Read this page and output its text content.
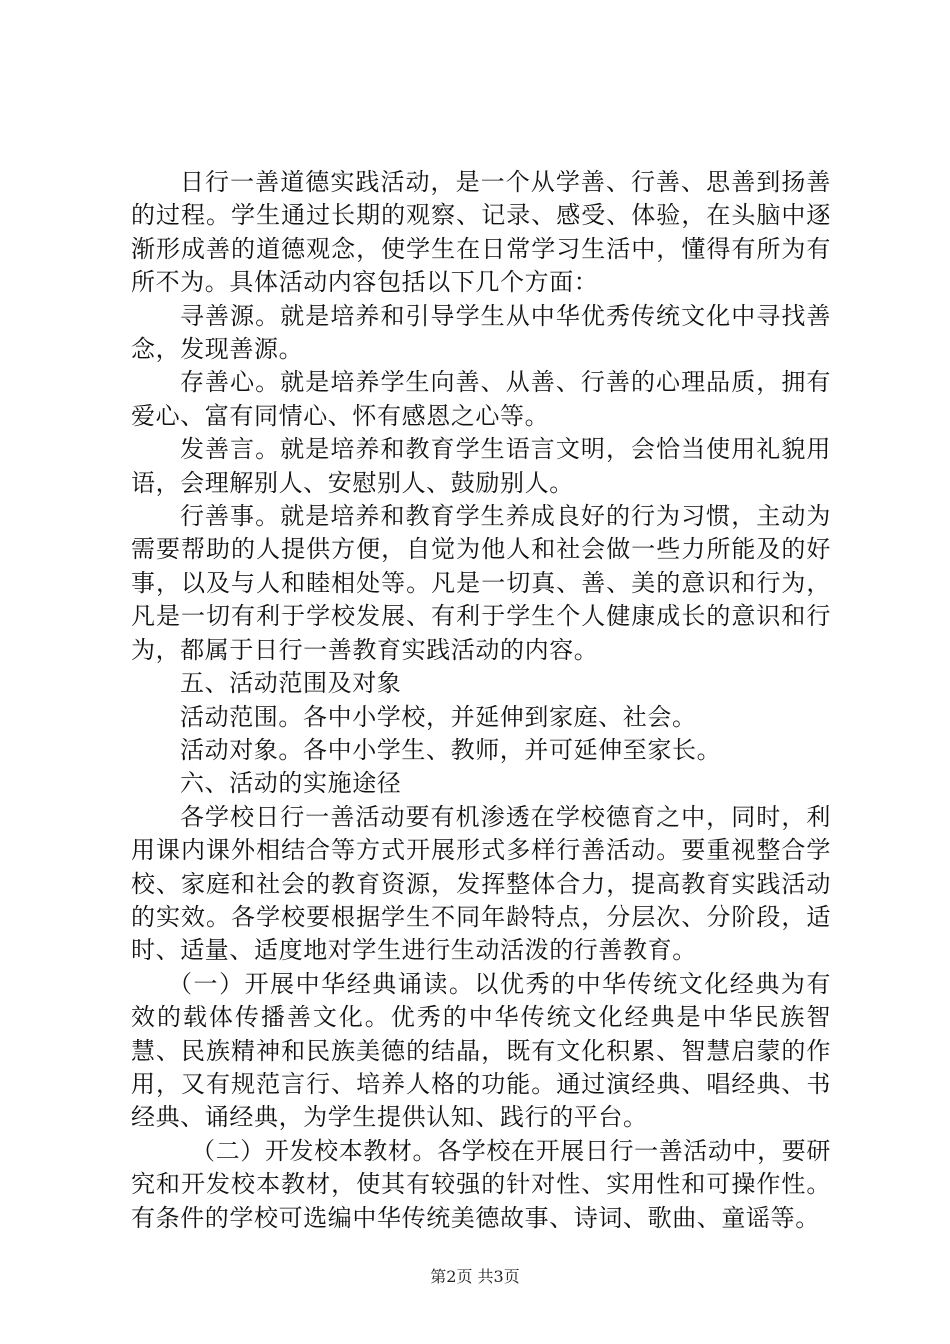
日行一善道德实践活动，是一个从学善、行善、思善到扬善的过程。学生通过长期的观察、记录、感受、体验，在头脑中逐渐形成善的道德观念，使学生在日常学习生活中，懂得有所为有所不为。具体活动内容包括以下几个方面：

寻善源。就是培养和引导学生从中华优秀传统文化中寻找善念，发现善源。

存善心。就是培养学生向善、从善、行善的心理品质，拥有爱心、富有同情心、怀有感恩之心等。

发善言。就是培养和教育学生语言文明，会恰当使用礼貌用语，会理解别人、安慰别人、鼓励别人。

行善事。就是培养和教育学生养成良好的行为习惯，主动为需要帮助的人提供方便，自觉为他人和社会做一些力所能及的好事，以及与人和睦相处等。凡是一切真、善、美的意识和行为，凡是一切有利于学校发展、有利于学生个人健康成长的意识和行为，都属于日行一善教育实践活动的内容。

五、活动范围及对象

活动范围。各中小学校，并延伸到家庭、社会。

活动对象。各中小学生、教师，并可延伸至家长。

六、活动的实施途径

各学校日行一善活动要有机渗透在学校德育之中，同时，利用课内课外相结合等方式开展形式多样行善活动。要重视整合学校、家庭和社会的教育资源，发挥整体合力，提高教育实践活动的实效。各学校要根据学生不同年龄特点，分层次、分阶段，适时、适量、适度地对学生进行生动活泼的行善教育。

（一）开展中华经典诵读。以优秀的中华传统文化经典为有效的载体传播善文化。优秀的中华传统文化经典是中华民族智慧、民族精神和民族美德的结晶，既有文化积累、智慧启蒙的作用，又有规范言行、培养人格的功能。通过演经典、唱经典、书经典、诵经典，为学生提供认知、践行的平台。

（二）开发校本教材。各学校在开展日行一善活动中，要研究和开发校本教材，使其有较强的针对性、实用性和可操作性。有条件的学校可选编中华传统美德故事、诗词、歌曲、童谣等。

第2页 共3页
